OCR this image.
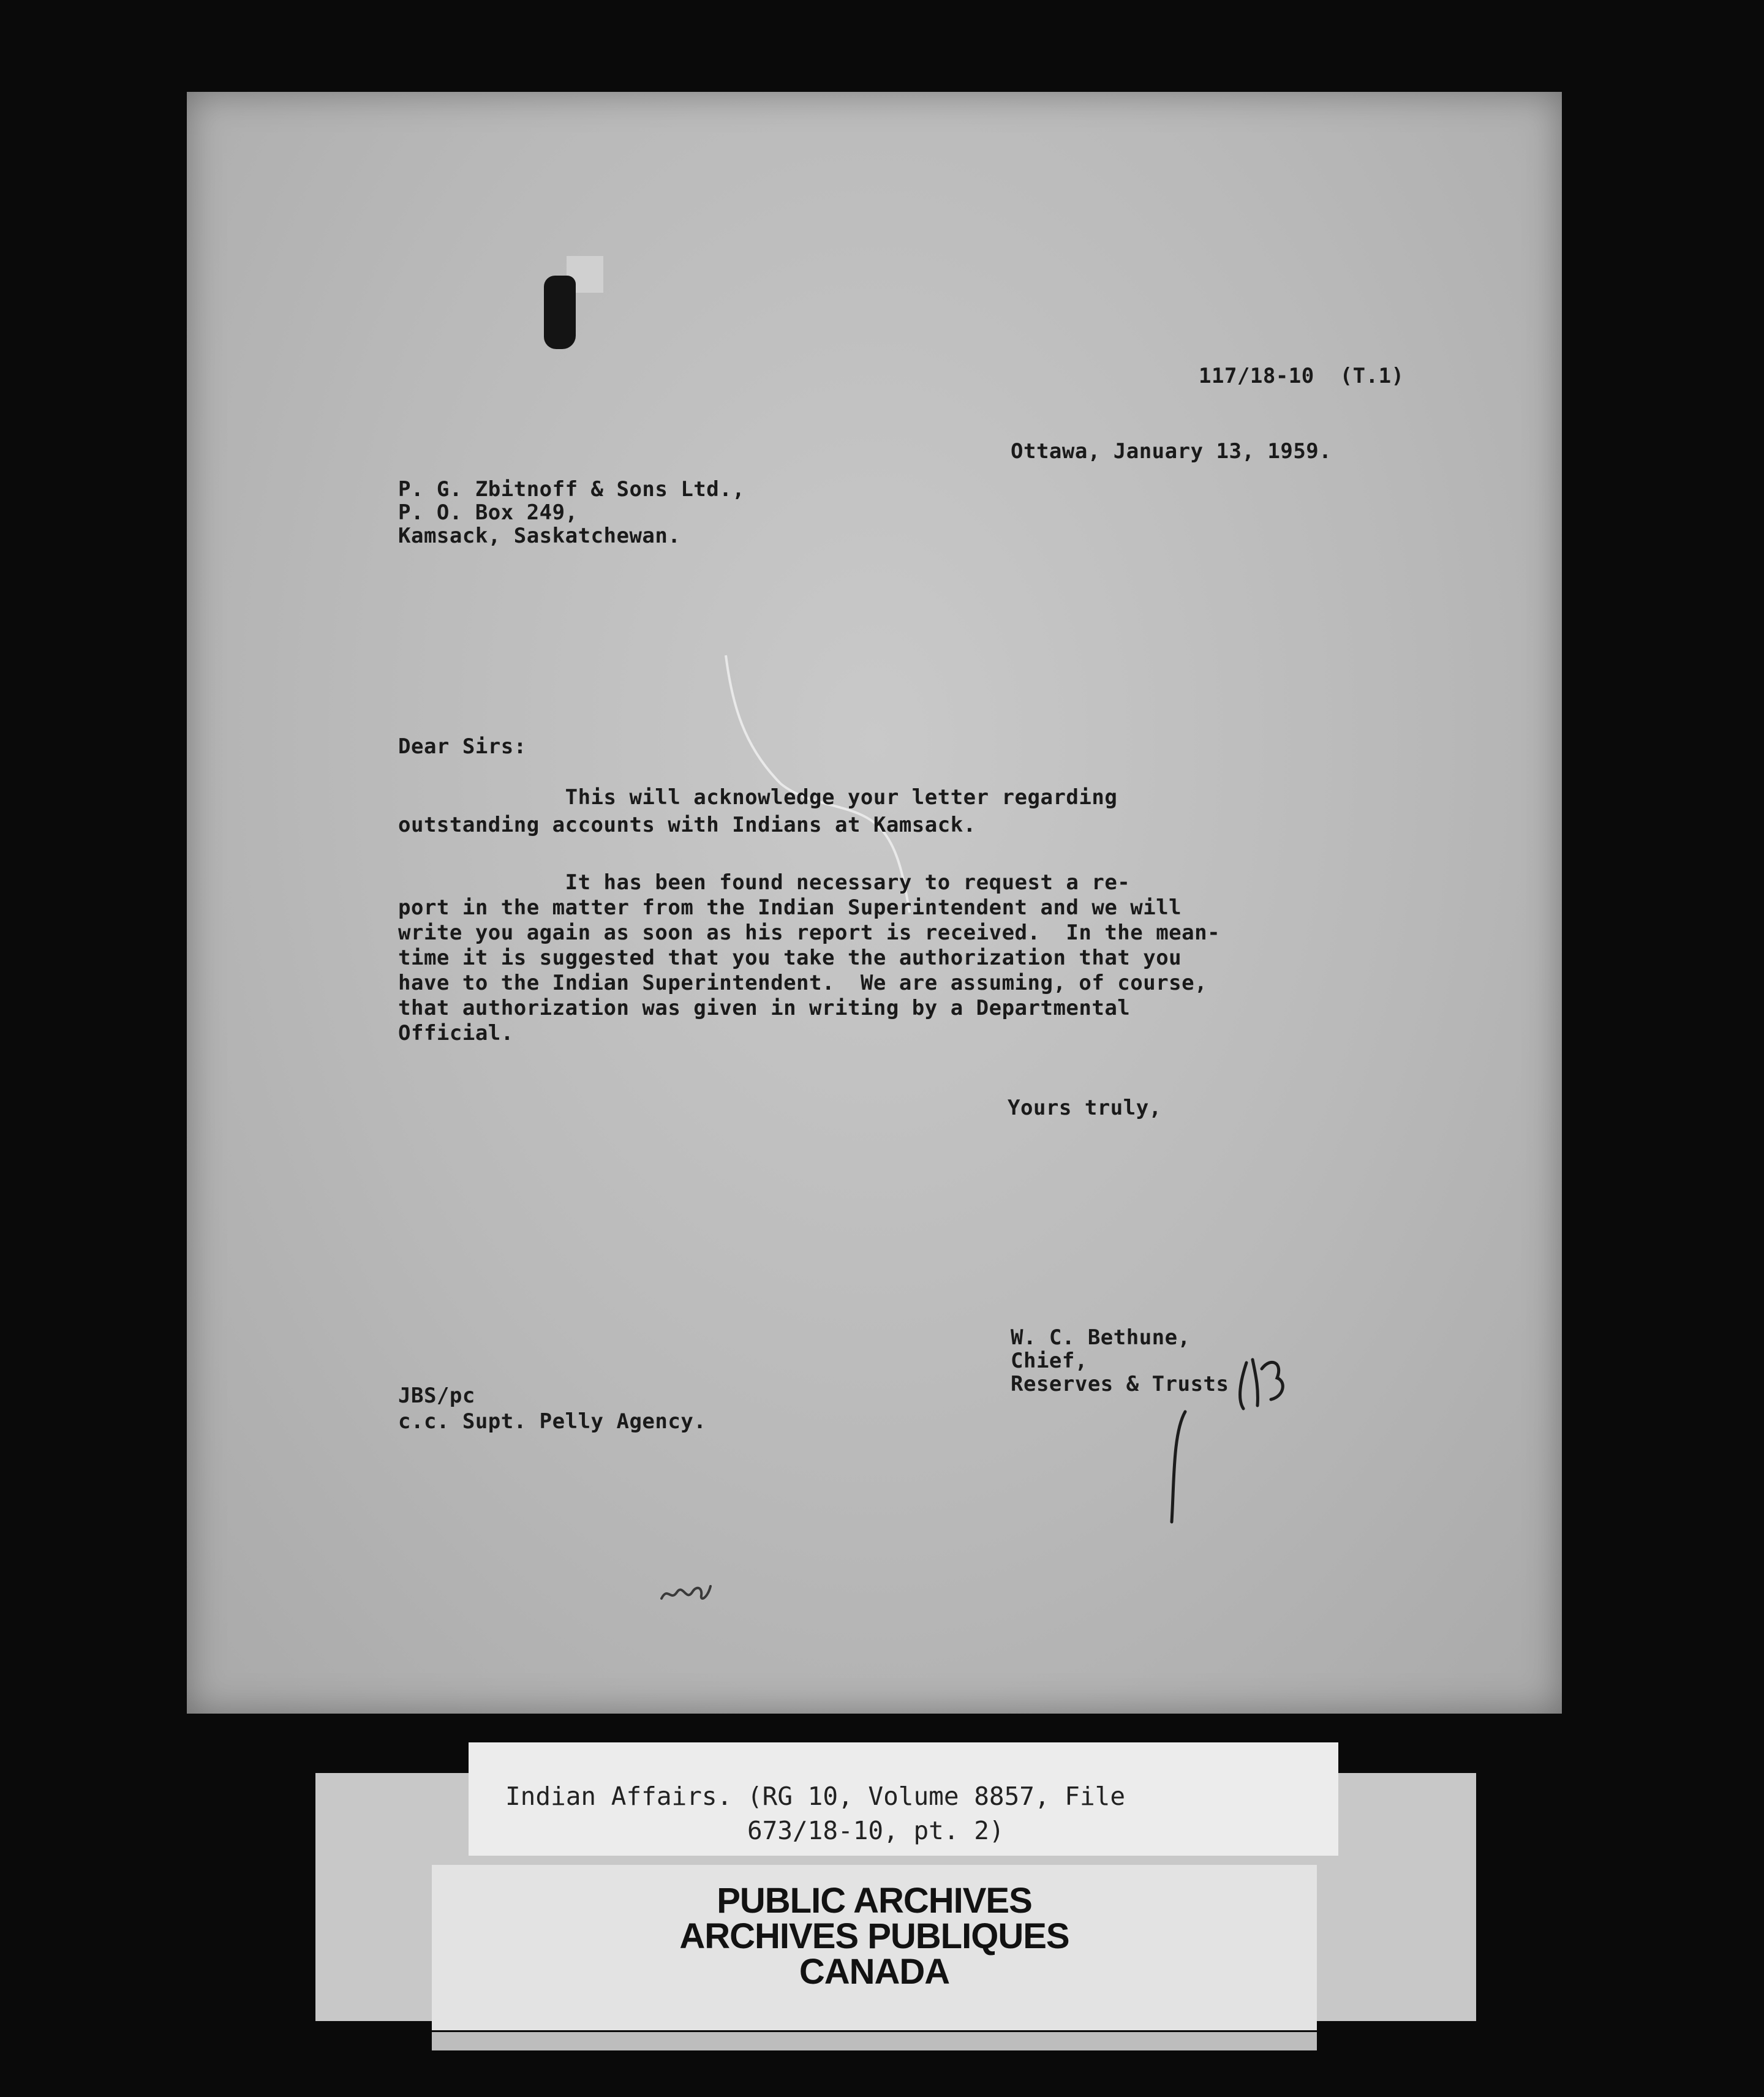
117/18-10  (T.1)

Ottawa, January 13, 1959.

P. G. Zbitnoff & Sons Ltd.,

P. O. Box 249,

Kamsack, Saskatchewan.

Dear Sirs:

This will acknowledge your letter regarding

outstanding accounts with Indians at Kamsack.

It has been found necessary to request a re-

port in the matter from the Indian Superintendent and we will

write you again as soon as his report is received.  In the mean-

time it is suggested that you take the authorization that you

have to the Indian Superintendent.  We are assuming, of course,

that authorization was given in writing by a Departmental

Official.

Yours truly,

W. C. Bethune,

Chief,

Reserves & Trusts

JBS/pc

c.c. Supt. Pelly Agency.

Indian Affairs. (RG 10, Volume 8857, File
673/18-10, pt. 2)

PUBLIC ARCHIVES
ARCHIVES PUBLIQUES
CANADA
